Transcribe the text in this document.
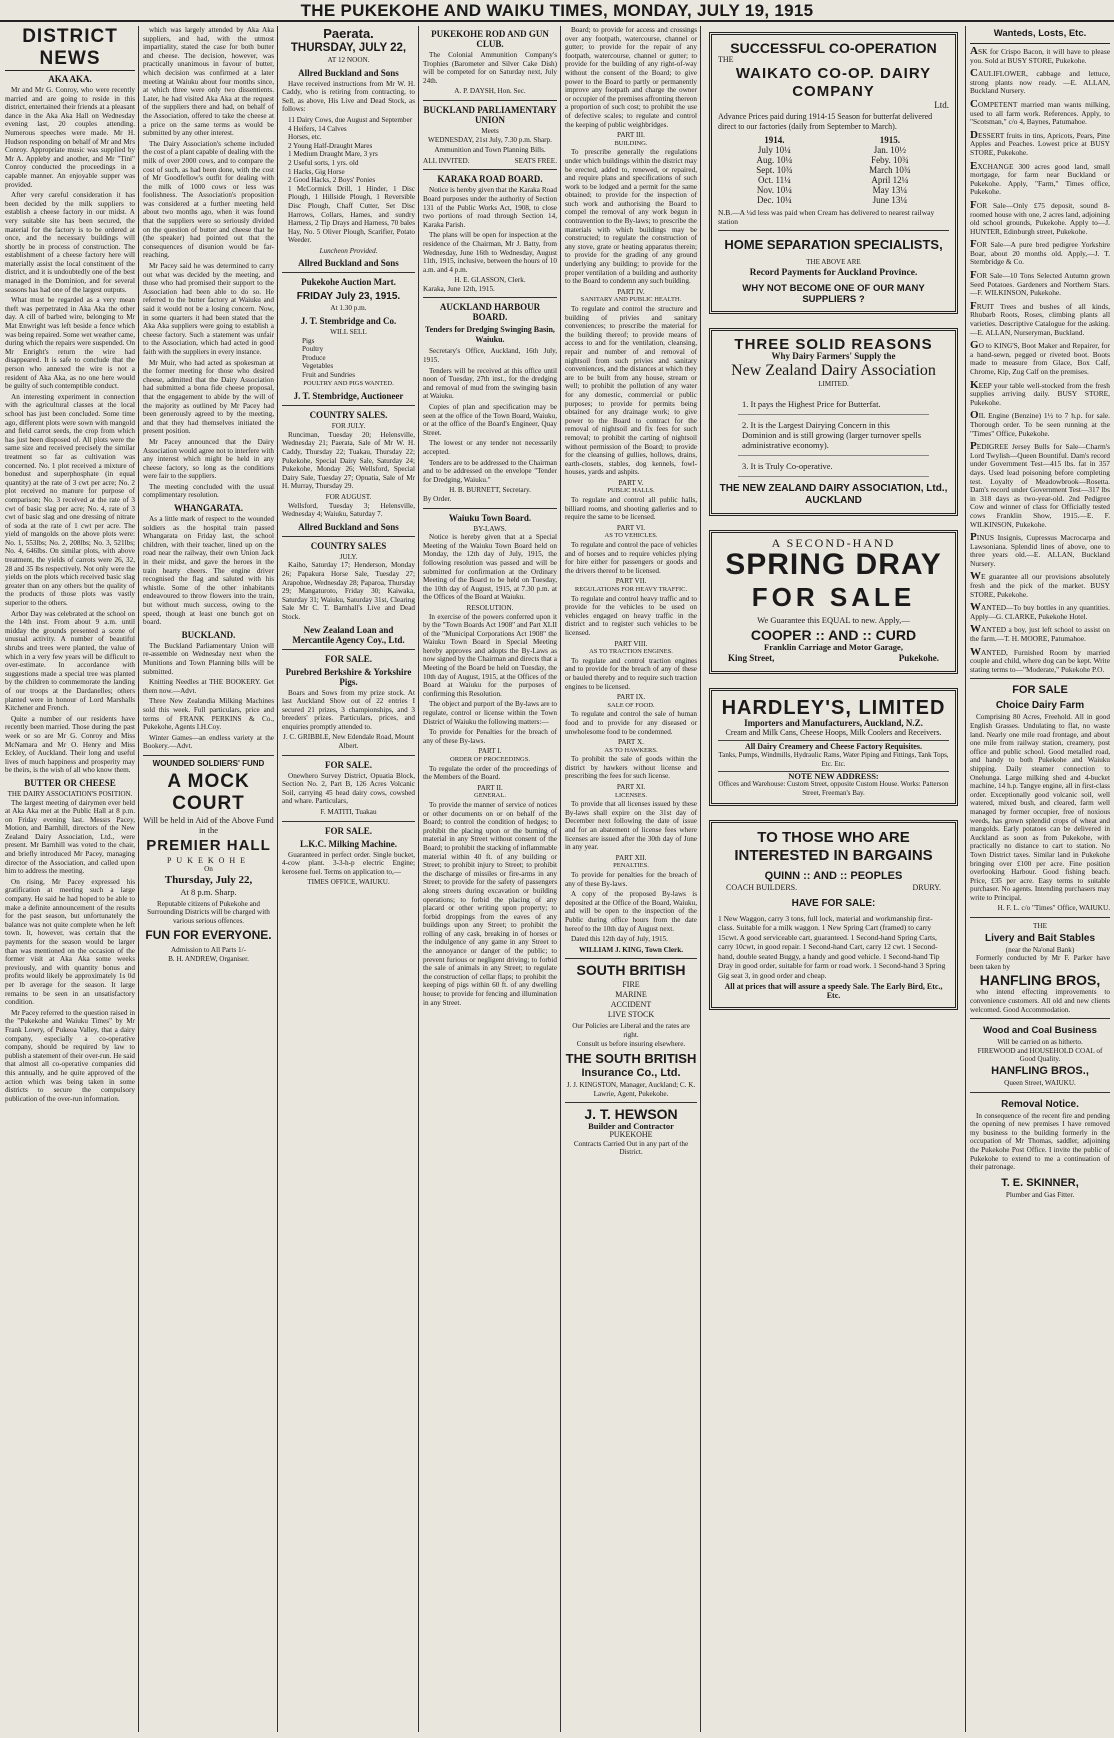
THE PUKEKOHE AND WAIKU TIMES, MONDAY, JULY 19, 1915
DISTRICT NEWS
AKA AKA.

Mr and Mr G. Conroy, who were recently married and are going to reside in this district, entertained their friends at a pleasant dance in the Aka Aka Hall on Wednesday evening last, 20 couples attending. Numerous speeches were made. Mr H. Hudson responding on behalf of Mr and Mrs Conroy. Appropriate music was supplied by Mr A. Appleby and another, and Mr "Tini" Conroy conducted the proceedings in a capable manner. An enjoyable supper was provided.

After very careful consideration it has been decided by the milk suppliers to establish a cheese factory in our midst. A very suitable site has been secured, the material for the factory is to be ordered at once, and the necessary buildings will shortly be in process of construction. The establishment of a cheese factory here will materially assist the local constituent of the district, and it is undoubtedly one of the best managed in the Dominion, and for several seasons has had one of the largest outputs.

What must be regarded as a very mean theft was perpetrated in Aka Aka the other day. A cill of barbed wire, belonging to Mr Mat Enwright was left beside a fence which was being repaired. Some wet weather came, during which the repairs were suspended. On Mr Enright's return the wire had disappeared. It is safe to conclude that the person who annexed the wire is not a resident of Aka Aka, as no one here would be guilty of such contemptible conduct.

An interesting experiment in connection with the agricultural classes at the local school has just been concluded. Some time ago, different plots were sown with mangold and field carrot seeds, the crop from which has just been disposed of. All plots were the same size and received precisely the similar treatment so far as cultivation was concerned. No. 1 plot received a mixture of bonedust and superphosphate (in equal quantity) at the rate of 3 cwt per acre; No. 2 plot received no manure for purpose of comparison; No. 3 received at the rate of 3 cwt of basic slag per acre; No. 4, rate of 3 cwt of basic slag and one dressing of nitrate of soda at the rate of 1 cwt per acre. The yield of mangolds on the above plots were: No. 1, 553lbs; No. 2, 208lbs; No. 3, 521lbs; No. 4, 646lbs. On similar plots, with above treatment, the yields of carrots were 26, 32, 28 and 35 lbs respectively. Not only were the yields on the plots which received basic slag greater than on any others but the quality of the products of those plots was vastly superior to the others.

Arbor Day was celebrated at the school on the 14th inst. From about 9 a.m. until midday the grounds presented a scene of unusual activity. A number of beautiful shrubs and trees were planted, the value of which in a very few years will be difficult to over-estimate. In accordance with suggestions made a special tree was planted by the children to commemorate the landing of our troops at the Dardanelles; others planted were in honour of Lord Marshalls Kitchener and French.

Quite a number of our residents have recently been married. Those during the past week or so are Mr G. Conroy and Miss McNamara and Mr O. Henry and Miss Eckley, of Auckland. Their long and useful lives of much happiness and prosperity may be theirs, is the wish of all who know them.

BUTTER OR CHEESE
THE DAIRY ASSOCIATION'S POSITION.

The largest meeting of dairymen ever held at Aka Aka met at the Public Hall at 8 p.m. on Friday evening last. Messrs Pacey, Motion, and Barnhill, directors of the New Zealand Dairy Association, Ltd., were present. Mr Barnhill was voted to the chair, and briefly introduced Mr Pacey, managing director of the Association, and called upon him to address the meeting.

On rising, Mr Pacey expressed his gratification at meeting such a large company. He said he had hoped to be able to make a definite announcement of the results for the past season, but unfortunately the balance was not quite complete when he left town. It, however, was certain that the payments for the season would be larger than was mentioned on the occasion of the former visit at Aka Aka some weeks previously, and with quantity bonus and profits would likely be approximately 1s 0d per lb average for the season. It large remains to be seen in an unsatisfactory condition.

Mr Pacey referred to the question raised in the "Pukekohe and Waiuku Times" by Mr Frank Lowry, of Pukeoa Valley, that a dairy company, especially a co-operative company, should be required by law to publish a statement of their over-run. He said that almost all co-operative companies did this annually, and he quite approved of the action which was being taken in some districts to secure the compulsory publication of the over-run information.

which was largely attended by Aka Aka suppliers, and had, with the utmost impartiality, stated the case for both butter and cheese. The decision, however, was practically unanimous in favour of butter, which decision was confirmed at a later meeting at Waiuku about four months since, at which three were only two dissentients. Later, he had visited Aka Aka at the request of the suppliers there and had, on behalf of the Association, offered to take the cheese at a price on the same terms as would be submitted by any other interest.

The Dairy Association's scheme included the cost of a plant capable of dealing with the milk of over 2000 cows, and to compare the cost of such, as had been done, with the cost of Mr Goodfellow's outfit for dealing with the milk of 1000 cows or less was foolishness. The Association's proposition was considered at a further meeting held about two months ago, when it was found that the suppliers were so seriously divided on the question of butter and cheese that he (the speaker) had pointed out that the consequences of disunion would be far-reaching.

Mr Pacey said he was determined to carry out what was decided by the meeting, and those who had promised their support to the Association had been able to do so. He referred to the butter factory at Waiuku and said it would not be a losing concern. Now, in some quarters it had been stated that the Aka Aka suppliers were going to establish a cheese factory. Such a statement was unfair to the Association, which had acted in good faith with the suppliers in every instance.

Mr Muir, who had acted as spokesman at the former meeting for those who desired cheese, admitted that the Dairy Association had submitted a bona fide cheese proposal, that the engagement to abide by the will of the majority as outlined by Mr Pacey had been generously agreed to by the meeting, and that they had themselves initiated the present position.

Mr Pacey announced that the Dairy Association would agree not to interfere with any interest which might be held in any cheese factory, so long as the conditions were fair to the suppliers.

The meeting concluded with the usual complimentary resolution.

WHANGARATA.

As a little mark of respect to the wounded soldiers as the hospital train passed Whangarata on Friday last, the school children, with their teacher, lined up on the road near the railway, their own Union Jack in their midst, and gave the heroes in the train hearty cheers. The engine driver recognised the flag and saluted with his whistle. Some of the other inhabitants endeavoured to throw flowers into the train, but without much success, owing to the speed, though at least one bunch got on board.

BUCKLAND.

The Buckland Parliamentary Union will re-assemble on Wednesday next when the Munitions and Town Planning bills will be submitted.

Knitting Needles at THE BOOKERY. Get them now.—Advt.

Three New Zealandia Milking Machines sold this week. Full particulars, price and terms of FRANK PERKINS & Co., Pukekohe, Agents I.H.Coy.

Winter Games—an endless variety at the Bookery.—Advt.

WOUNDED SOLDIERS' FUND
A MOCK COURT
Will be held in Aid of the Above Fund in the
PREMIER HALL
PUKEKOHE
On
Thursday, July 22,
At 8 p.m. Sharp.
Reputable citizens of Pukekohe and Surrounding Districts will be charged with various serious offences.
FUN FOR EVERYONE.
Admission to All Parts 1/-
B. H. ANDREW, Organiser.
Paerata.
THURSDAY, JULY 22,
AT 12 NOON.
Allred Buckland and Sons

Have received instructions from Mr W. H. Caddy, who is retiring from contracting, to Sell, as above, His Live and Dead Stock, as follows:

11 Dairy Cows, due August and September
4 Heifers, 14 Calves
Horses, etc.
2 Young Half-Draught Mares
1 Medium Draught Mare, 3 yrs
2 Useful sorts, 1 yrs. old
1 Hacks, Gig Horse
2 Good Hacks, 2 Boys' Ponies
1 McCormick Drill, 1 Hinder, 1 Disc Plough, 1 Hillside Plough, 1 Reversible Disc Plough, Chaff Cutter, Set Disc Harrows, Collars, Hames, and sundry Harness, 2 Tip Drays and Harness, 70 bales Hay, No. 5 Oliver Plough, Scarifier, Potato Weeder.
Luncheon Provided.
Allred Buckland and Sons
Pukekohe Auction Mart.
FRIDAY July 23, 1915.
At 1.30 p.m.
J. T. Stembridge and Co.
WILL SELL
Pigs
Poultry
Produce
Vegetables
Fruit and Sundries
POULTRY AND PIGS WANTED.
J. T. Stembridge, Auctioneer
COUNTRY SALES.
FOR JULY.

Runciman, Tuesday 20; Helensville, Wednesday 21; Paerata, Sale of Mr W. H. Caddy, Thursday 22; Tuakau, Thursday 22; Pukekohe, Special Dairy Sale, Saturday 24; Pukekohe, Monday 26; Wellsford, Special Dairy Sale, Tuesday 27; Opuatia, Sale of Mr H. Murray, Thursday 29.

FOR AUGUST.

Wellsford, Tuesday 3; Helensville, Wednesday 4; Waiuku, Saturday 7.

Allred Buckland and Sons
COUNTRY SALES
JULY.

Kaiho, Saturday 17; Henderson, Monday 26; Papakura Horse Sale, Tuesday 27; Arapohue, Wednesday 28; Paparoa, Thursday 29; Mangaturoto, Friday 30; Kaiwaka, Saturday 31; Waiuku, Saturday 31st, Clearing Sale Mr C. T. Barnhall's Live and Dead Stock.

New Zealand Loan and Mercantile Agency Coy., Ltd.
FOR SALE.
Purebred Berkshire & Yorkshire Pigs.

Boars and Sows from my prize stock. At last Auckland Show out of 22 entries I secured 21 prizes, 3 championships, and 3 breeders' prizes. Particulars, prices, and enquiries promptly attended to.

J. C. GRIBBLE, New Edendale Road, Mount Albert.
FOR SALE.

Onewhero Survey District, Opuatia Block, Section No. 2, Part B, 126 Acres Volcanic Soil, carrying 45 head dairy cows, cowshed and whare. Particulars,

F. MATITI, Tuakau
FOR SALE.
L.K.C. Milking Machine.

Guaranteed in perfect order. Single bucket, 4-cow plant. 3-3-h-p electric Engine; kerosene fuel. Terms on application to,—

TIMES OFFICE, WAIUKU.
PUKEKOHE ROD AND GUN CLUB.

The Colonial Ammunition Company's Trophies (Barometer and Silver Cake Dish) will be competed for on Saturday next, July 24th.

A. P. DAYSH, Hon. Sec.
BUCKLAND PARLIAMENTARY UNION
Meets
WEDNESDAY, 21st July, 7.30 p.m. Sharp.
Ammunition and Town Planning Bills.
ALL INVITED.	SEATS FREE.
KARAKA ROAD BOARD.

Notice is hereby given that the Karaka Road Board purposes under the authority of Section 131 of the Public Works Act, 1908, to close two portions of road through Section 14, Karaka Parish.

The plans will be open for inspection at the residence of the Chairman, Mr J. Batty, from Wednesday, June 16th to Wednesday, August 11th, 1915, inclusive, between the hours of 10 a.m. and 4 p.m.

H. E. GLASSON, Clerk.
Karaka, June 12th, 1915.
AUCKLAND HARBOUR BOARD.
Tenders for Dredging Swinging Basin, Waiuku.

Secretary's Office, Auckland, 16th July, 1915.

Tenders will be received at this office until noon of Tuesday, 27th inst., for the dredging and removal of mud from the swinging basin at Waiuku.

Copies of plan and specification may be seen at the office of the Town Board, Waiuku, or at the office of the Board's Engineer, Quay Street.

The lowest or any tender not necessarily accepted.

Tenders are to be addressed to the Chairman and to be addressed on the envelope "Tender for Dredging, Waiuku."

H. B. BURNETT, Secretary.
By Order.
Waiuku Town Board.
BY-LAWS.

Notice is hereby given that at a Special Meeting of the Waiuku Town Board held on Monday, the 12th day of July, 1915, the following resolution was passed and will be submitted for confirmation at the Ordinary Meeting of the Board to be held on Tuesday, the 10th day of August, 1915, at 7.30 p.m. at the Offices of the Board at Waiuku.

RESOLUTION.

In exercise of the powers conferred upon it by the "Town Boards Act 1908" and Part XLII of the "Municipal Corporations Act 1908" the Waiuku Town Board in Special Meeting hereby approves and adopts the By-Laws as now signed by the Chairman and directs that a Meeting of the Board be held on Tuesday, the 10th day of August, 1915, at the Offices of the Board at Waiuku for the purposes of confirming this Resolution.

The object and purport of the By-laws are to regulate, control or license within the Town District of Waiuku the following matters:—

To provide for Penalties for the breach of any of these By-laws.

PART I.
ORDER OF PROCEEDINGS.

To regulate the order of the proceedings of the Members of the Board.

PART II.
GENERAL.

To provide the manner of service of notices or other documents on or on behalf of the Board; to control the condition of hedges; to prohibit the placing upon or the burning of material in any Street without consent of the Board; to prohibit the stacking of inflammable material within 40 ft. of any building or Street; to prohibit injury to Street; to prohibit the discharge of missiles or fire-arms in any Street; to provide for the safety of passengers along streets during excavation or building operations; to forbid the placing of any placard or other writing upon property; to forbid droppings from the eaves of any buildings upon any Street; to prohibit the rolling of any cask, breaking in of horses or the indulgence of any game in any Street to the annoyance or danger of the public; to prevent furious or negligent driving; to forbid the sale of animals in any Street; to regulate the construction of cellar flaps; to prohibit the keeping of pigs within 60 ft. of any dwelling house; to provide for fencing and illumination in any Street.

Board; to provide for access and crossings over any footpath, watercourse, channel or gutter; to provide for the repair of any footpath, watercourse, channel or gutter; to provide for the building of any right-of-way without the consent of the Board; to give power to the Board to partly or permanently improve any footpath and charge the owner or occupier of the premises affronting thereon a proportion of such cost; to prohibit the use of defective scales; to regulate and control the keeping of public weighbridges.

PART III.
BUILDING.

To prescribe generally the regulations under which buildings within the district may be erected, added to, renewed, or repaired, and require plans and specifications of such work to be lodged and a permit for the same obtained; to provide for the inspection of such work and authorising the Board to compel the removal of any work begun in contravention to the By-laws; to prescribe the materials with which buildings may be constructed; to regulate the construction of any stove, grate or heating apparatus therein; to provide for the grading of any ground underlying any building; to provide for the proper ventilation of a building and authority to the Board to condemn any such building.

PART IV.
SANITARY AND PUBLIC HEALTH.

To regulate and control the structure and building of privies and sanitary conveniences; to prescribe the material for the building thereof; to provide means of access to and for the ventilation, cleansing, repair and number of and removal of nightsoil from such privies and sanitary conveniences, and the distances at which they are to be built from any house, stream or well; to prohibit the pollution of any water for any domestic, commercial or public purposes; to provide for permits being obtained for any drainage work; to give power to the Board to contract for the removal of nightsoil and fix fees for such removal; to prohibit the carting of nightsoil without permission of the Board; to provide for the cleansing of gullies, hollows, drains, earth-closets, stables, dog kennels, fowl-houses, yards and ashpits.

PART V.
PUBLIC HALLS.

To regulate and control all public halls, billiard rooms, and shooting galleries and to require the same to be licensed.

PART VI.
AS TO VEHICLES.

To regulate and control the pace of vehicles and of horses and to require vehicles plying for hire either for passengers or goods and the drivers thereof to be licensed.

PART VII.
REGULATIONS FOR HEAVY TRAFFIC.

To regulate and control heavy traffic and to provide for the vehicles to be used on vehicles engaged on heavy traffic in the district and to register such vehicles to be licensed.

PART VIII.
AS TO TRACTION ENGINES.

To regulate and control traction engines and to provide for the breach of any of these or bauled thereby and to require such traction engines to be licensed.

PART IX.
SALE OF FOOD.

To regulate and control the sale of human food and to provide for any diseased or unwholesome food to be condemned.

PART X.
AS TO HAWKERS.

To prohibit the sale of goods within the district by hawkers without license and prescribing the fees for such license.

PART XI.
LICENSES.

To provide that all licenses issued by these By-laws shall expire on the 31st day of December next following the date of issue and for an abatement of license fees where licenses are issued after the 30th day of June in any year.

PART XII.
PENALTIES.

To provide for penalties for the breach of any of these By-laws.

A copy of the proposed By-laws is deposited at the Office of the Board, Waiuku, and will be open to the inspection of the Public during office hours from the date hereof to the 10th day of August next.

Dated this 12th day of July, 1915.

WILLIAM J. KING, Town Clerk.
SOUTH BRITISH
FIRE
MARINE
ACCIDENT
LIVE STOCK
Our Policies are Liberal and the rates are right.
Consult us before insuring elsewhere.
THE SOUTH BRITISH
Insurance Co., Ltd.
J. J. KINGSTON, Manager, Auckland; C. K. Lawrie, Agent, Pukekohe.
J. T. HEWSON
Builder and Contractor
PUKEKOHE
Contracts Carried Out in any part of the District.
SUCCESSFUL CO-OPERATION
THE
WAIKATO CO-OP. DAIRY COMPANY
Ltd.
Advance Prices paid during 1914-15 Season for butterfat delivered direct to our factories (daily from September to March).
1914.
July 10¼
Aug. 10¼
Sept. 10¾
Oct. 11¼
Nov. 10¼
Dec. 10¼
1915.
Jan. 10½
Feby. 10¾
March 10¾
April 12¼
May 13¼
June 13¼
N.B.—A ¼d less was paid when Cream has delivered to nearest railway station
HOME SEPARATION SPECIALISTS,
THE ABOVE ARE
Record Payments for Auckland Province.
WHY NOT BECOME ONE OF OUR MANY SUPPLIERS ?
THREE SOLID REASONS
Why Dairy Farmers' Supply the
New Zealand Dairy Association
LIMITED.
1. It pays the Highest Price for Butterfat.
2. It is the Largest Dairying Concern in this Dominion and is still growing (larger turnover spells administrative economy).
3. It is Truly Co-operative.
THE NEW ZEALAND DAIRY ASSOCIATION, Ltd., AUCKLAND
A SECOND-HAND
SPRING DRAY
FOR SALE
We Guarantee this EQUAL to new. Apply,—
COOPER :: AND :: CURD
Franklin Carriage and Motor Garage,
King Street,	Pukekohe.
HARDLEY'S, LIMITED
Importers and Manufacturers, Auckland, N.Z.
Cream and Milk Cans, Cheese Hoops, Milk Coolers and Receivers.
All Dairy Creamery and Cheese Factory Requisites.
Tanks, Pumps, Windmills, Hydraulic Rams, Water Piping and Fittings, Tank Tops, Etc. Etc.
NOTE NEW ADDRESS:
Offices and Warehouse: Custom Street, opposite Custom House. Works: Patterson Street, Freeman's Bay.
TO THOSE WHO ARE INTERESTED IN BARGAINS
QUINN :: AND :: PEOPLES
COACH BUILDERS.	DRURY.
HAVE FOR SALE:
1 New Waggon, carry 3 tons, full lock, material and workmanship first-class. Suitable for a milk waggon. 1 New Spring Cart (framed) to carry 15cwt. A good serviceable cart, guaranteed. 1 Second-hand Spring Carts, carry 10cwt, in good repair. 1 Second-hand Cart, carry 12 cwt. 1 Second-hand, double seated Buggy, a handy and good vehicle. 1 Second-hand Tip Dray in good order, suitable for farm or road work. 1 Second-hand 3 Spring Gig seat 3, in good order and cheap.
All at prices that will assure a speedy Sale. The Early Bird, Etc., Etc.
Wanteds, Losts, Etc.

ASK for Crispo Bacon, it will have to please you. Sold at BUSY STORE, Pukekohe.

CAULIFLOWER, cabbage and lettuce, strong plants now ready. —E. ALLAN, Buckland Nursery.

COMPETENT married man wants milking, used to all farm work. References. Apply, to "Scotsman," c/o 4, Baynes, Patumahoe.

DESSERT fruits in tins, Apricots, Pears, Pine Apples and Peaches. Lowest price at BUSY STORE, Pukekohe.

EXCHANGE 300 acres good land, small mortgage, for farm near Buckland or Pukekohe. Apply, "Farm," Times office, Pukekohe.

FOR Sale—Only £75 deposit, sound 8-roomed house with one, 2 acres land, adjoining old school grounds, Pukekohe. Apply to—J. HUNTER, Edinburgh street, Pukekohe.

FOR Sale—A pure bred pedigree Yorkshire Boar, about 20 months old. Apply,—J. T. Stembridge & Co.

FOR Sale—10 Tons Selected Autumn grown Seed Potatoes. Gardeners and Northern Stars.—F. WILKINSON, Pukekohe.

FRUIT Trees and bushes of all kinds, Rhubarb Roots, Roses, climbing plants all varieties. Descriptive Catalogue for the asking.—E. ALLAN, Nurseryman, Buckland.

GO to KING'S, Boot Maker and Repairer, for a hand-sewn, pegged or riveted boot. Boots made to measure from Glace, Box Calf, Chrome, Kip, Zug Calf on the premises.

KEEP your table well-stocked from the fresh supplies arriving daily. BUSY STORE, Pukekohe.

OIL Engine (Benzine) 1½ to 7 h.p. for sale. Thorough order. To be seen running at the "Times" Office, Pukekohe.

PEDIGREE Jersey Bulls for Sale—Charm's Lord Twylish—Queen Bountiful. Dam's record under Government Test—415 lbs. fat in 357 days. Used lead poisoning before completing test. Loyalty of Meadowbrook—Rosetta. Dam's record under Government Test—317 lbs in 318 days as two-year-old. 2nd Pedigree Cow and winner of class for Officially tested cows Franklin Show, 1915.—E. F. WILKINSON, Pukekohe.

PINUS Insignis, Cupressus Macrocarpa and Lawsoniana. Splendid lines of above, one to three years old.—E. ALLAN, Buckland Nursery.

WE guarantee all our provisions absolutely fresh and the pick of the market. BUSY STORE, Pukekohe.

WANTED—To buy bottles in any quantities. Apply—G. CLARKE, Pukekohe Hotel.

WANTED a boy, just left school to assist on the farm.—T. H. MOORE, Patumahoe.

WANTED, Furnished Room by married couple and child, where dog can be kept. Write stating terms to—"Moderate," Pukekohe P.O.

FOR SALE
Choice Dairy Farm

Comprising 80 Acres, Freehold. All in good English Grasses. Undulating to flat, no waste land. Nearly one mile road frontage, and about one mile from railway station, creamery, post office and public school. Good metalled road, and handy to both Pukekohe and Waiuku shipping. Daily steamer connection to Onehunga. Large milking shed and 4-bucket machine, 14 h.p. Tangye engine, all in first-class order. Exceptionally good volcanic soil, well watered, mixed bush, and cleared, farm well managed by former occupier, free of noxious weeds, has grown splendid crops of wheat and mangolds. Early potatoes can be delivered in Auckland as soon as from Pukekohe, with practically no distance to cart to station. No Town District taxes. Similar land in Pukekohe bringing over £100 per acre. Fine position overlooking Harbour. Good fishing beach. Price, £35 per acre. Easy terms to suitable purchaser. No agents. Intending purchasers may write to Principal.

H. F. L. c/o "Times" Office, WAIUKU.
THE
Livery and Bait Stables
(near the Na'onal Bank)

Formerly conducted by Mr F. Parker have been taken by

HANFLING BROS,

who intend effecting improvements to convenience customers. All old and new clients welcomed. Good Accommodation.

Wood and Coal Business
Will be carried on as hitherto.
FIREWOOD and HOUSEHOLD COAL of Good Quality.
HANFLING BROS.,
Queen Street, WAIUKU.
Removal Notice.

In consequence of the recent fire and pending the opening of new premises I have removed my business to the building formerly in the occupation of Mr Thomas, saddler, adjoining the Pukekohe Post Office. I invite the public of Pukekohe to extend to me a continuation of their patronage.

T. E. SKINNER,
Plumber and Gas Fitter.
